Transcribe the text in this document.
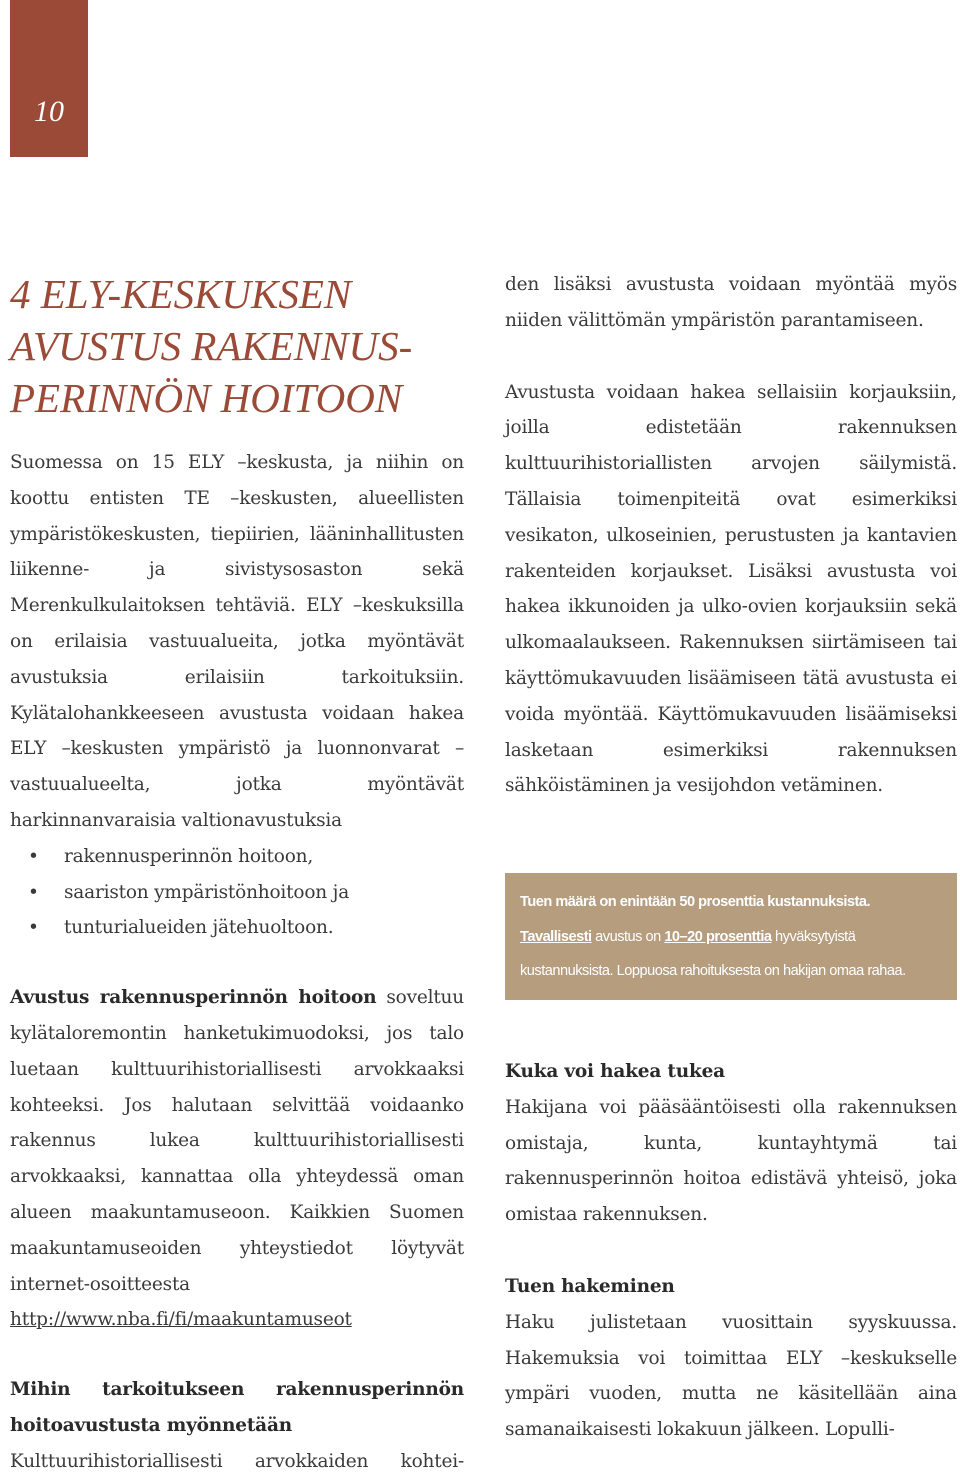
10
4 ELY-KESKUKSEN
AVUSTUS RAKENNUS-
PERINNÖN HOITOON

Suomessa on 15 ELY –keskusta, ja niihin on koottu entisten TE –keskusten, alueellisten ympäristökeskusten, tiepiirien, lääninhallitusten liikenne- ja sivistysosaston sekä Merenkulkulaitoksen tehtäviä. ELY –keskuksilla on erilaisia vastuualueita, jotka myöntävät avustuksia erilaisiin tarkoituksiin. Kylätalohankkeeseen avustusta voidaan hakea ELY –keskusten ympäristö ja luonnonvarat –vastuualueelta, jotka myöntävät harkinnanvaraisia valtionavustuksia

• rakennusperinnön hoitoon,
• saariston ympäristönhoitoon ja
• tunturialueiden jätehuoltoon.

Avustus rakennusperinnön hoitoon soveltuu kylätaloremontin hanketukimuodoksi, jos talo luetaan kulttuurihistoriallisesti arvokkaaksi kohteeksi. Jos halutaan selvittää voidaanko rakennus lukea kulttuurihistoriallisesti arvokkaaksi, kannattaa olla yhteydessä oman alueen maakuntamuseoon. Kaikkien Suomen maakuntamuseoiden yhteystiedot löytyvät internet-osoitteesta

http://www.nba.fi/fi/maakuntamuseot

Mihin tarkoitukseen rakennusperinnön

hoitoavustusta myönnetään

Kulttuurihistoriallisesti arvokkaiden kohtei-

den lisäksi avustusta voidaan myöntää myös niiden välittömän ympäristön parantamiseen.

Avustusta voidaan hakea sellaisiin korjauksiin, joilla edistetään rakennuksen kulttuurihistoriallisten arvojen säilymistä. Tällaisia toimenpiteitä ovat esimerkiksi vesikaton, ulkoseinien, perustusten ja kantavien rakenteiden korjaukset. Lisäksi avustusta voi hakea ikkunoiden ja ulko-ovien korjauksiin sekä ulkomaalaukseen. Rakennuksen siirtämiseen tai käyttömukavuuden lisäämiseen tätä avustusta ei voida myöntää. Käyttömukavuuden lisäämiseksi lasketaan esimerkiksi rakennuksen sähköistäminen ja vesijohdon vetäminen.

Tuen määrä on enintään 50 prosenttia kustannuksista. Tavallisesti avustus on 10–20 prosenttia hyväksytyistä kustannuksista. Loppuosa rahoituksesta on hakijan omaa rahaa.

Kuka voi hakea tukea

Hakijana voi pääsääntöisesti olla rakennuksen omistaja, kunta, kuntayhtymä tai rakennusperinnön hoitoa edistävä yhteisö, joka omistaa rakennuksen.

Tuen hakeminen

Haku julistetaan vuosittain syyskuussa. Hakemuksia voi toimittaa ELY –keskukselle ympäri vuoden, mutta ne käsitellään aina samanaikaisesti lokakuun jälkeen. Lopulli-
